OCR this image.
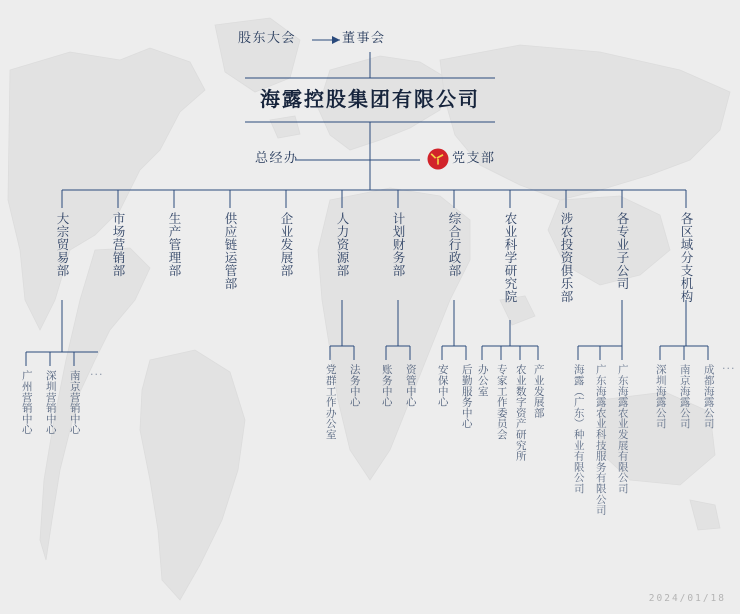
股东大会	董事会
海露控股集团有限公司
总经办	党支部
大宗贸易部	市场营销部	生产管理部	供应链运管部	企业发展部	人力资源部	计划财务部	综合行政部	农业科学研究院	涉农投资俱乐部	各专业子公司	各区域分支机构
广州营销中心 深圳营销中心 南京营销中心 ···	党群工作办公室 法务中心 账务中心 资管中心 安保中心 后勤服务中心 办公室 专家工作委员会 农业数字资产研究所 产业发展部	海露（广东）种业有限公司 广东海露农业科技服务有限公司 广东海露农业发展有限公司 深圳海露公司 南京海露公司 成都海露公司 ···
2024/01/18
